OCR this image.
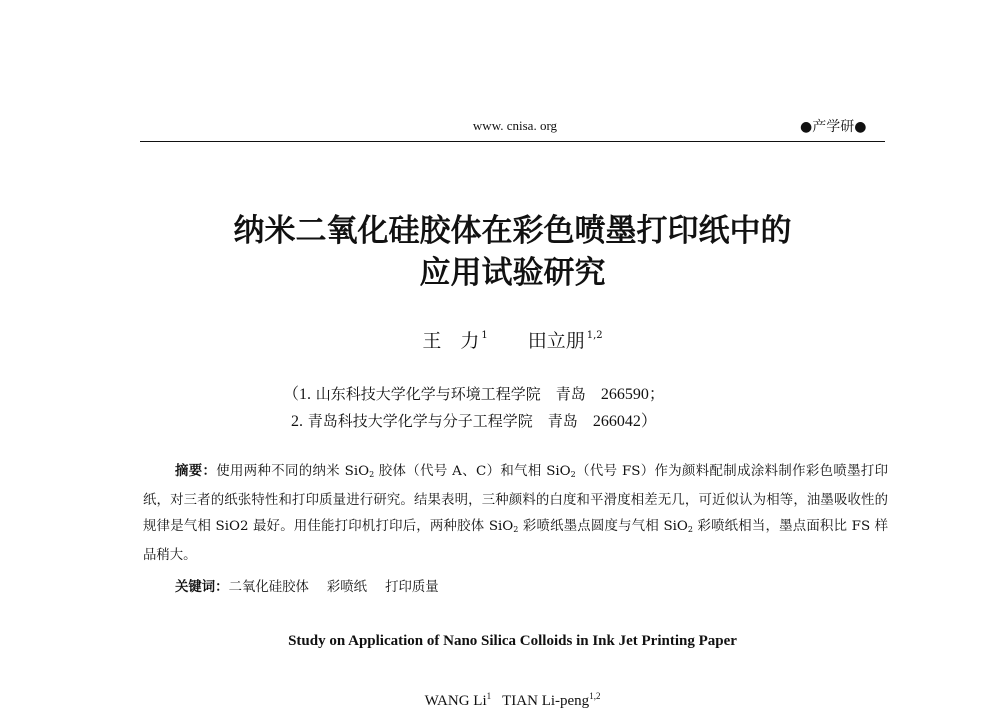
www. cnisa. org	●产学研●
纳米二氧化硅胶体在彩色喷墨打印纸中的
应用试验研究
王　力 $^1$ 田立朋 $^{1,2}$
（1. 山东科技大学化学与环境工程学院　青岛　 266590；
2. 青岛科技大学化学与分子工程学院　青岛　 266042）
摘要：使用两种不同的纳米 SiO$_2$ 胶体（代号 A、C）和气相 SiO$_2$（代号 FS）作为颜料配制成涂料制作彩色喷墨打印纸，对三者的纸张特性和打印质量进行研究。结果表明，三种颜料的白度和平滑度相差无几，可近似认为相等，油墨吸收性的规律是气相 SiO2 最好。用佳能打印机打印后，两种胶体 SiO$_2$ 彩喷纸墨点圆度与气相 SiO$_2$ 彩喷纸相当，墨点面积比 FS 样品稍大。
关键词：二氧化硅胶体 彩喷纸 打印质量
Study on Application of Nano Silica Colloids in Ink Jet Printing Paper
WANG Li$^1$   TIAN Li-peng$^{1,2}$
